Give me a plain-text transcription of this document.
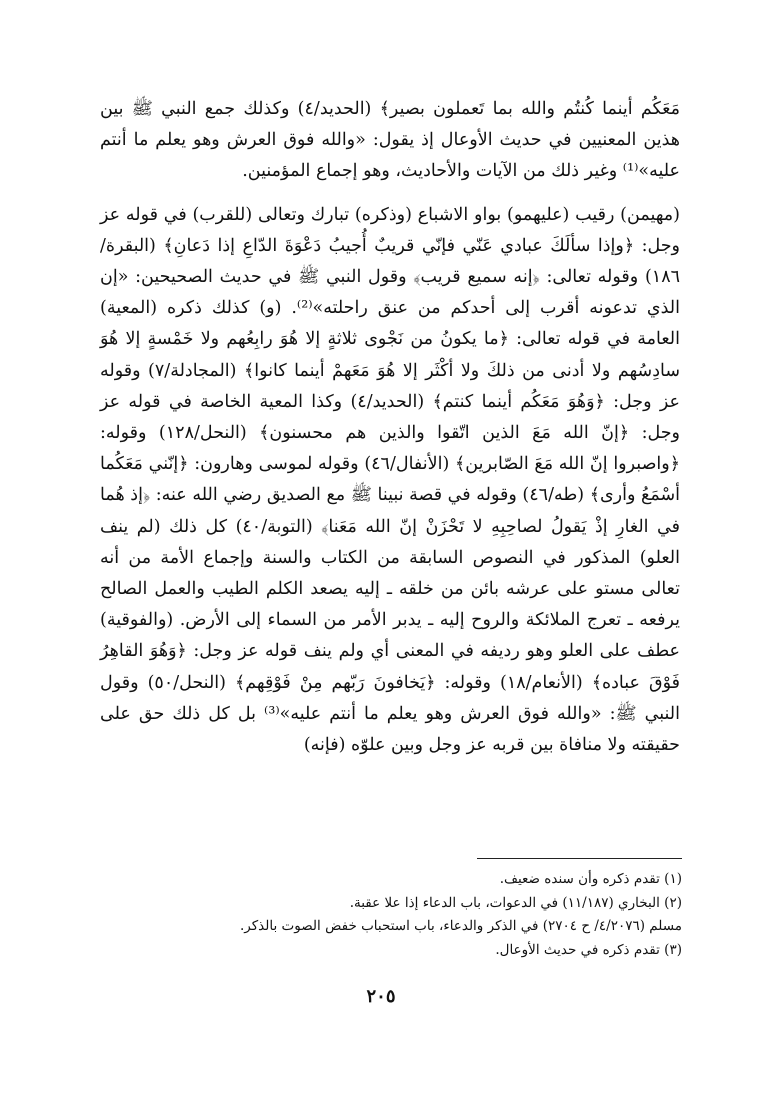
مَعَكُم أينما كُنتُم والله بما تَعملون بصير﴾ (الحديد/٤) وكذلك جمع النبي ﷺ بين هذين المعنيين في حديث الأوعال إذ يقول: «والله فوق العرش وهو يعلم ما أنتم عليه»⁽¹⁾ وغير ذلك من الآيات والأحاديث، وهو إجماع المؤمنين.

(مهيمن) رقيب (عليهمو) بواو الاشباع (وذكره) تبارك وتعالى (للقرب) في قوله عز وجل: ﴿وإذا سألَكَ عبادي عَنّي فإنّي قريبٌ أُجيبُ دَعْوَةَ الدّاعِ إذا دَعانِ﴾ (البقرة/١٨٦) وقوله تعالى: ﴿إنه سميع قريب﴾ وقول النبي ﷺ في حديث الصحيحين: «إن الذي تدعونه أقرب إلى أحدكم من عنق راحلته»⁽²⁾. (و) كذلك ذكره (المعية) العامة في قوله تعالى: ﴿ما يكونُ من نَجْوى ثلاثةٍ إلا هُوَ رابِعُهم ولا خَمْسةٍ إلا هُوَ سادِسُهم ولا أدنى من ذلكَ ولا أكْثَر إلا هُوَ مَعَهمْ أينما كانوا﴾ (المجادلة/٧) وقوله عز وجل: ﴿وَهُوَ مَعَكُم أينما كنتم﴾ (الحديد/٤) وكذا المعية الخاصة في قوله عز وجل: ﴿إنّ الله مَعَ الذين اتّقوا والذين هم محسنون﴾ (النحل/١٢٨) وقوله: ﴿واصبروا إنّ الله مَعَ الصّابرين﴾ (الأنفال/٤٦) وقوله لموسى وهارون: ﴿إنّني مَعَكُما أسْمَعُ وأرى﴾ (طه/٤٦) وقوله في قصة نبينا ﷺ مع الصديق رضي الله عنه: ﴿إذ هُما في الغارِ إذْ يَقولُ لصاحِبِهِ لا تَحْزَنْ إنّ الله مَعَنا﴾ (التوبة/٤٠) كل ذلك (لم ينف العلو) المذكور في النصوص السابقة من الكتاب والسنة وإجماع الأمة من أنه تعالى مستو على عرشه بائن من خلقه ـ إليه يصعد الكلم الطيب والعمل الصالح يرفعه ـ تعرج الملائكة والروح إليه ـ يدبر الأمر من السماء إلى الأرض. (والفوقية) عطف على العلو وهو رديفه في المعنى أي ولم ينف قوله عز وجل: ﴿وَهُوَ القاهِرُ فَوْقَ عباده﴾ (الأنعام/١٨) وقوله: ﴿يَخافونَ رَبّهم مِنْ فَوْقِهم﴾ (النحل/٥٠) وقول النبي ﷺ: «والله فوق العرش وهو يعلم ما أنتم عليه»⁽³⁾ بل كل ذلك حق على حقيقته ولا منافاة بين قربه عز وجل وبين علوّه (فإنه)

(١) تقدم ذكره وأن سنده ضعيف.

(٢) البخاري (١١/١٨٧) في الدعوات، باب الدعاء إذا علا عقبة.

مسلم (٤/٢٠٧٦/ ح ٢٧٠٤) في الذكر والدعاء، باب استحباب خفض الصوت بالذكر.

(٣) تقدم ذكره في حديث الأوعال.

٢٠٥
